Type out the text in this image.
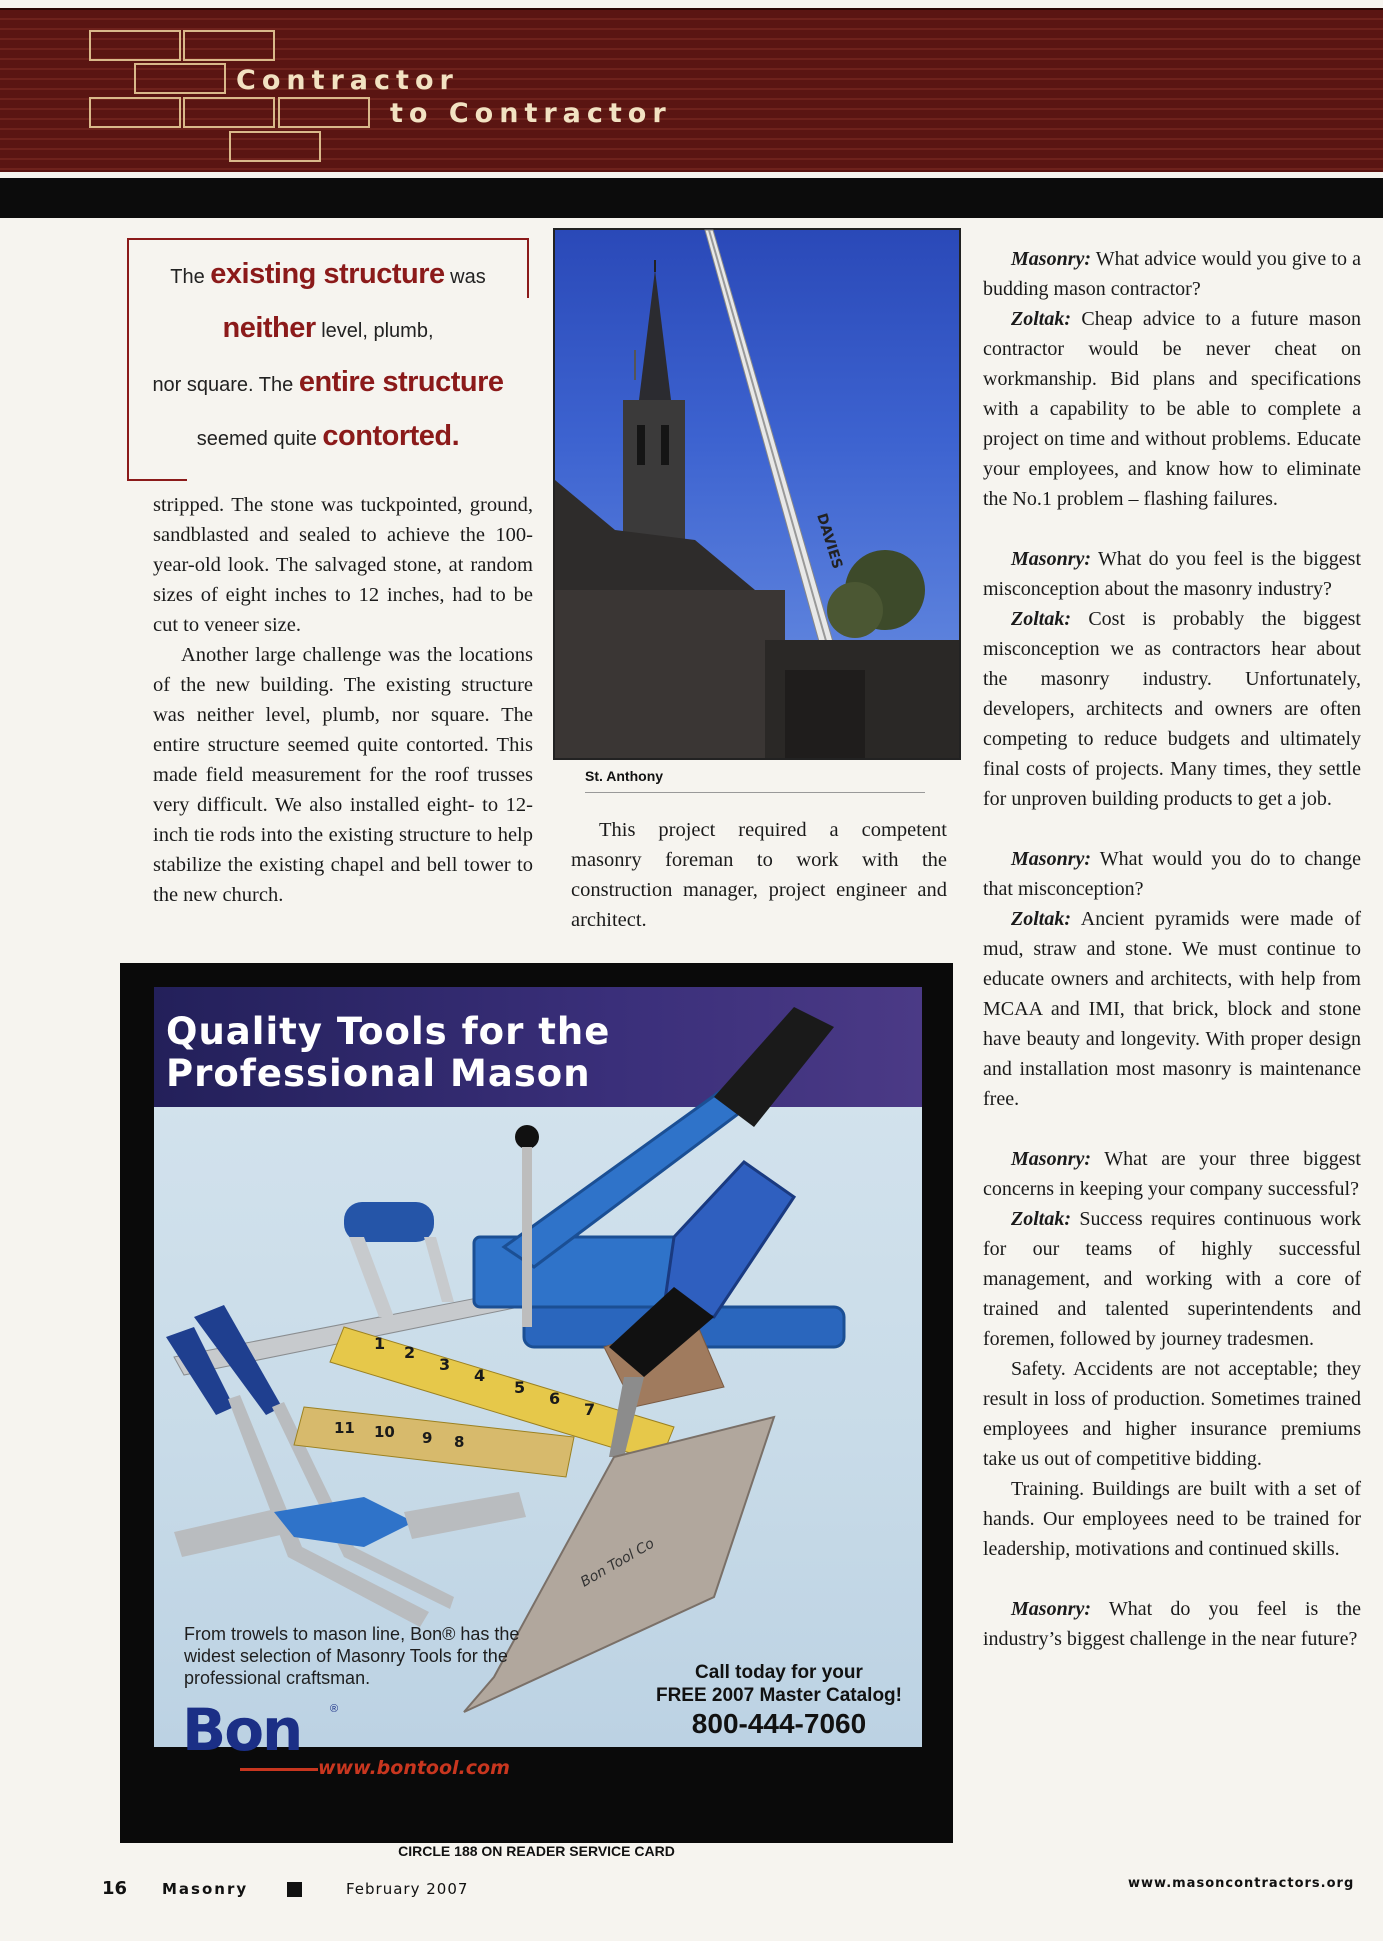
Contractor
to Contractor
The existing structure was
neither level, plumb,
nor square. The entire structure
seemed quite contorted.

stripped. The stone was tuckpointed, ground, sandblasted and sealed to achieve the 100-year-old look. The salvaged stone, at random sizes of eight inches to 12 inches, had to be cut to veneer size.

Another large challenge was the locations of the new building. The existing structure was neither level, plumb, nor square. The entire structure seemed quite contorted. This made field measurement for the roof trusses very difficult. We also installed eight- to 12-inch tie rods into the existing structure to help stabilize the existing chapel and bell tower to the new church.

DAVIES
St. Anthony

This project required a competent masonry foreman to work with the construction manager, project engineer and architect.

Masonry: What advice would you give to a budding mason contractor?

Zoltak: Cheap advice to a future mason contractor would be never cheat on workmanship. Bid plans and specifications with a capability to be able to complete a project on time and without problems. Educate your employees, and know how to eliminate the No.1 problem – flashing failures.

Masonry: What do you feel is the biggest misconception about the masonry industry?

Zoltak: Cost is probably the biggest misconception we as contractors hear about the masonry industry. Unfortunately, developers, architects and owners are often competing to reduce budgets and ultimately final costs of projects. Many times, they settle for unproven building products to get a job.

Masonry: What would you do to change that misconception?

Zoltak: Ancient pyramids were made of mud, straw and stone. We must continue to educate owners and architects, with help from MCAA and IMI, that brick, block and stone have beauty and longevity. With proper design and installation most masonry is maintenance free.

Masonry: What are your three biggest concerns in keeping your company successful?

Zoltak: Success requires continuous work for our teams of highly successful management, and working with a core of trained and talented superintendents and foremen, followed by journey tradesmen.

Safety. Accidents are not acceptable; they result in loss of production. Sometimes trained employees and higher insurance premiums take us out of competitive bidding.

Training. Buildings are built with a set of hands. Our employees need to be trained for leadership, motivations and continued skills.

Masonry: What do you feel is the industry’s biggest challenge in the near future?

Quality Tools for the
Professional Mason
1 2
3
4
5
6
7
8
9
10
11
Bon Tool Co
From trowels to mason line, Bon® has the widest selection of Masonry Tools for the professional craftsman.
Bon	®
www.bontool.com
Call today for your
FREE 2007 Master Catalog!
800-444-7060
CIRCLE 188 ON READER SERVICE CARD
16 Masonry	February 2007	www.masoncontractors.org
